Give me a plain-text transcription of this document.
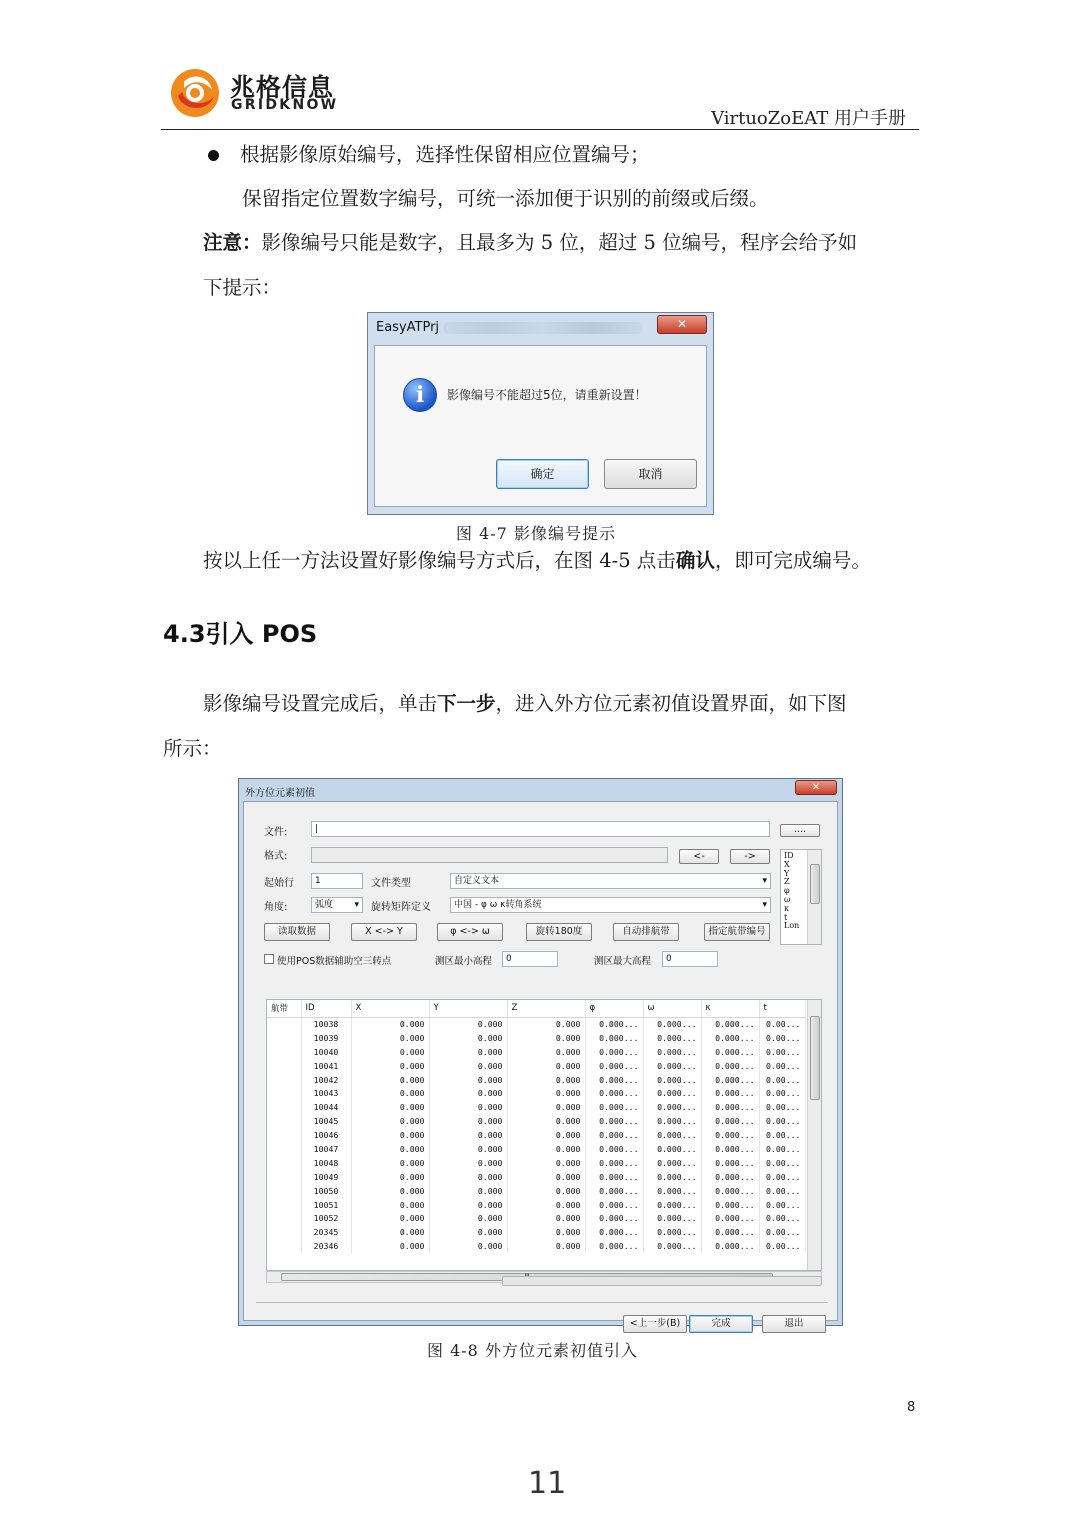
兆格信息
GRIDKNOW
VirtuoZoEAT 用户手册
根据影像原始编号，选择性保留相应位置编号；
保留指定位置数字编号，可统一添加便于识别的前缀或后缀。
注意：影像编号只能是数字，且最多为 5 位，超过 5 位编号，程序会给予如
下提示：
EasyATPrj	✕
i	影像编号不能超过5位，请重新设置！
确定	取消
图 4-7 影像编号提示
按以上任一方法设置好影像编号方式后，在图 4-5 点击确认，即可完成编号。
4.3引入 POS
影像编号设置完成后，单击下一步，进入外方位元素初值设置界面，如下图
所示：
外方位元素初值
✕
文件:	|	....
格式:	<-	->	ID
X
Y
Z
φ
ω
κ
t
Lon
起始行	1	文件类型	自定义文本 ▾
角度:	弧度 ▾	旋转矩阵定义	中国 - φ ω κ转角系统 ▾
读取数据	X <-> Y	φ <-> ω	旋转180度	自动排航带	指定航带编号
使用POS数据辅助空三转点	测区最小高程	0	测区最大高程	0
航带	ID	X	Y	Z	φ	ω	κ	t
	10038	0.000	0.000	0.000	0.000...	0.000...	0.000...	0.00...
	10039	0.000	0.000	0.000	0.000...	0.000...	0.000...	0.00...
	10040	0.000	0.000	0.000	0.000...	0.000...	0.000...	0.00...
	10041	0.000	0.000	0.000	0.000...	0.000...	0.000...	0.00...
	10042	0.000	0.000	0.000	0.000...	0.000...	0.000...	0.00...
	10043	0.000	0.000	0.000	0.000...	0.000...	0.000...	0.00...
	10044	0.000	0.000	0.000	0.000...	0.000...	0.000...	0.00...
	10045	0.000	0.000	0.000	0.000...	0.000...	0.000...	0.00...
	10046	0.000	0.000	0.000	0.000...	0.000...	0.000...	0.00...
	10047	0.000	0.000	0.000	0.000...	0.000...	0.000...	0.00...
	10048	0.000	0.000	0.000	0.000...	0.000...	0.000...	0.00...
	10049	0.000	0.000	0.000	0.000...	0.000...	0.000...	0.00...
	10050	0.000	0.000	0.000	0.000...	0.000...	0.000...	0.00...
	10051	0.000	0.000	0.000	0.000...	0.000...	0.000...	0.00...
	10052	0.000	0.000	0.000	0.000...	0.000...	0.000...	0.00...
	20345	0.000	0.000	0.000	0.000...	0.000...	0.000...	0.00...
	20346	0.000	0.000	0.000	0.000...	0.000...	0.000...	0.00...
<上一步(B)	完成	退出
图 4-8 外方位元素初值引入
8
11
